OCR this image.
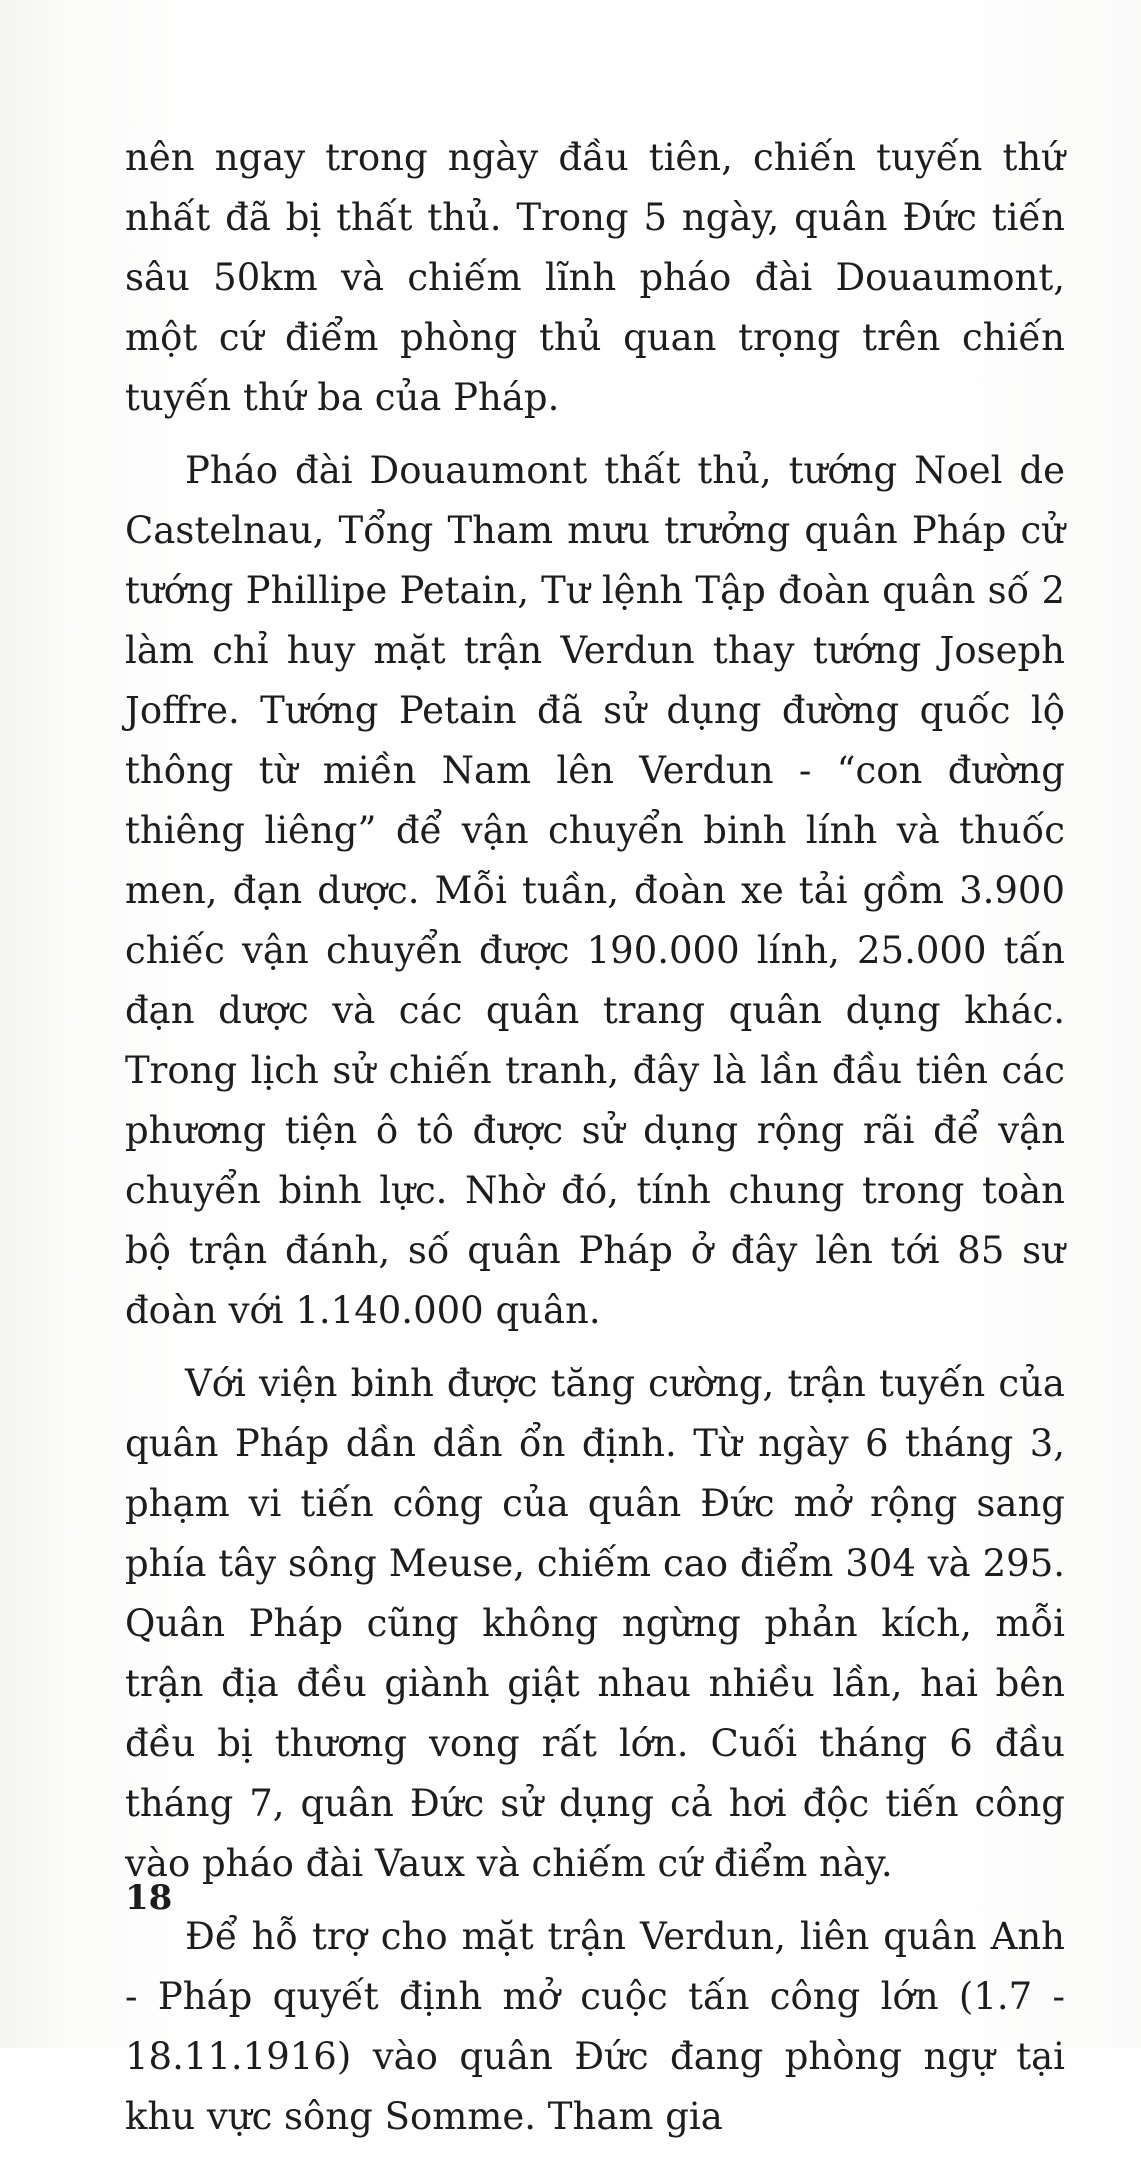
nên ngay trong ngày đầu tiên, chiến tuyến thứ nhất đã bị thất thủ. Trong 5 ngày, quân Đức tiến sâu 50km và chiếm lĩnh pháo đài Douaumont, một cứ điểm phòng thủ quan trọng trên chiến tuyến thứ ba của Pháp.

Pháo đài Douaumont thất thủ, tướng Noel de Castelnau, Tổng Tham mưu trưởng quân Pháp cử tướng Phillipe Petain, Tư lệnh Tập đoàn quân số 2 làm chỉ huy mặt trận Verdun thay tướng Joseph Joffre. Tướng Petain đã sử dụng đường quốc lộ thông từ miền Nam lên Verdun - “con đường thiêng liêng” để vận chuyển binh lính và thuốc men, đạn dược. Mỗi tuần, đoàn xe tải gồm 3.900 chiếc vận chuyển được 190.000 lính, 25.000 tấn đạn dược và các quân trang quân dụng khác. Trong lịch sử chiến tranh, đây là lần đầu tiên các phương tiện ô tô được sử dụng rộng rãi để vận chuyển binh lực. Nhờ đó, tính chung trong toàn bộ trận đánh, số quân Pháp ở đây lên tới 85 sư đoàn với 1.140.000 quân.

Với viện binh được tăng cường, trận tuyến của quân Pháp dần dần ổn định. Từ ngày 6 tháng 3, phạm vi tiến công của quân Đức mở rộng sang phía tây sông Meuse, chiếm cao điểm 304 và 295. Quân Pháp cũng không ngừng phản kích, mỗi trận địa đều giành giật nhau nhiều lần, hai bên đều bị thương vong rất lớn. Cuối tháng 6 đầu tháng 7, quân Đức sử dụng cả hơi độc tiến công vào pháo đài Vaux và chiếm cứ điểm này.

Để hỗ trợ cho mặt trận Verdun, liên quân Anh - Pháp quyết định mở cuộc tấn công lớn (1.7 - 18.11.1916) vào quân Đức đang phòng ngự tại khu vực sông Somme. Tham gia

18
